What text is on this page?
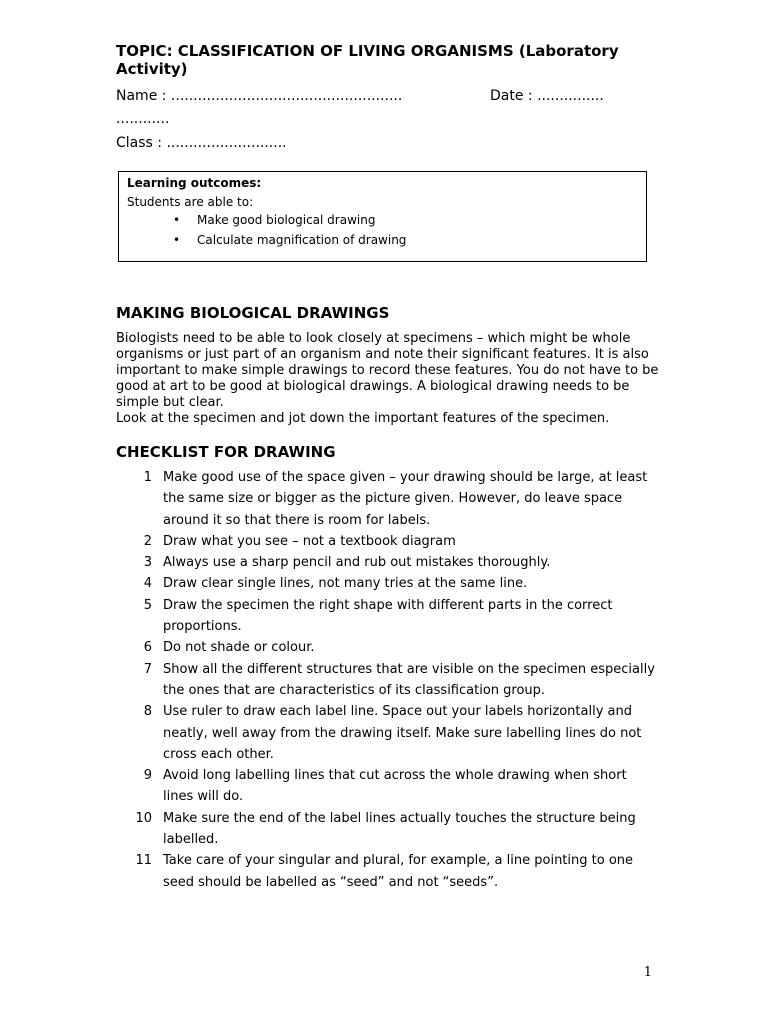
TOPIC: CLASSIFICATION OF LIVING ORGANISMS (Laboratory Activity)
Name : ....................................................	Date : ...............
............
Class : ...........................
Learning outcomes:
Students are able to:
• Make good biological drawing
• Calculate magnification of drawing
MAKING BIOLOGICAL DRAWINGS

Biologists need to be able to look closely at specimens – which might be whole organisms or just part of an organism and note their significant features. It is also important to make simple drawings to record these features. You do not have to be good at art to be good at biological drawings. A biological drawing needs to be simple but clear.

Look at the specimen and jot down the important features of the specimen.

CHECKLIST FOR DRAWING
1 Make good use of the space given – your drawing should be large, at least the same size or bigger as the picture given. However, do leave space around it so that there is room for labels.
2 Draw what you see – not a textbook diagram
3 Always use a sharp pencil and rub out mistakes thoroughly.
4 Draw clear single lines, not many tries at the same line.
5 Draw the specimen the right shape with different parts in the correct proportions.
6 Do not shade or colour.
7 Show all the different structures that are visible on the specimen especially the ones that are characteristics of its classification group.
8 Use ruler to draw each label line. Space out your labels horizontally and neatly, well away from the drawing itself. Make sure labelling lines do not cross each other.
9 Avoid long labelling lines that cut across the whole drawing when short lines will do.
10 Make sure the end of the label lines actually touches the structure being labelled.
11 Take care of your singular and plural, for example, a line pointing to one seed should be labelled as “seed” and not “seeds”.
1
